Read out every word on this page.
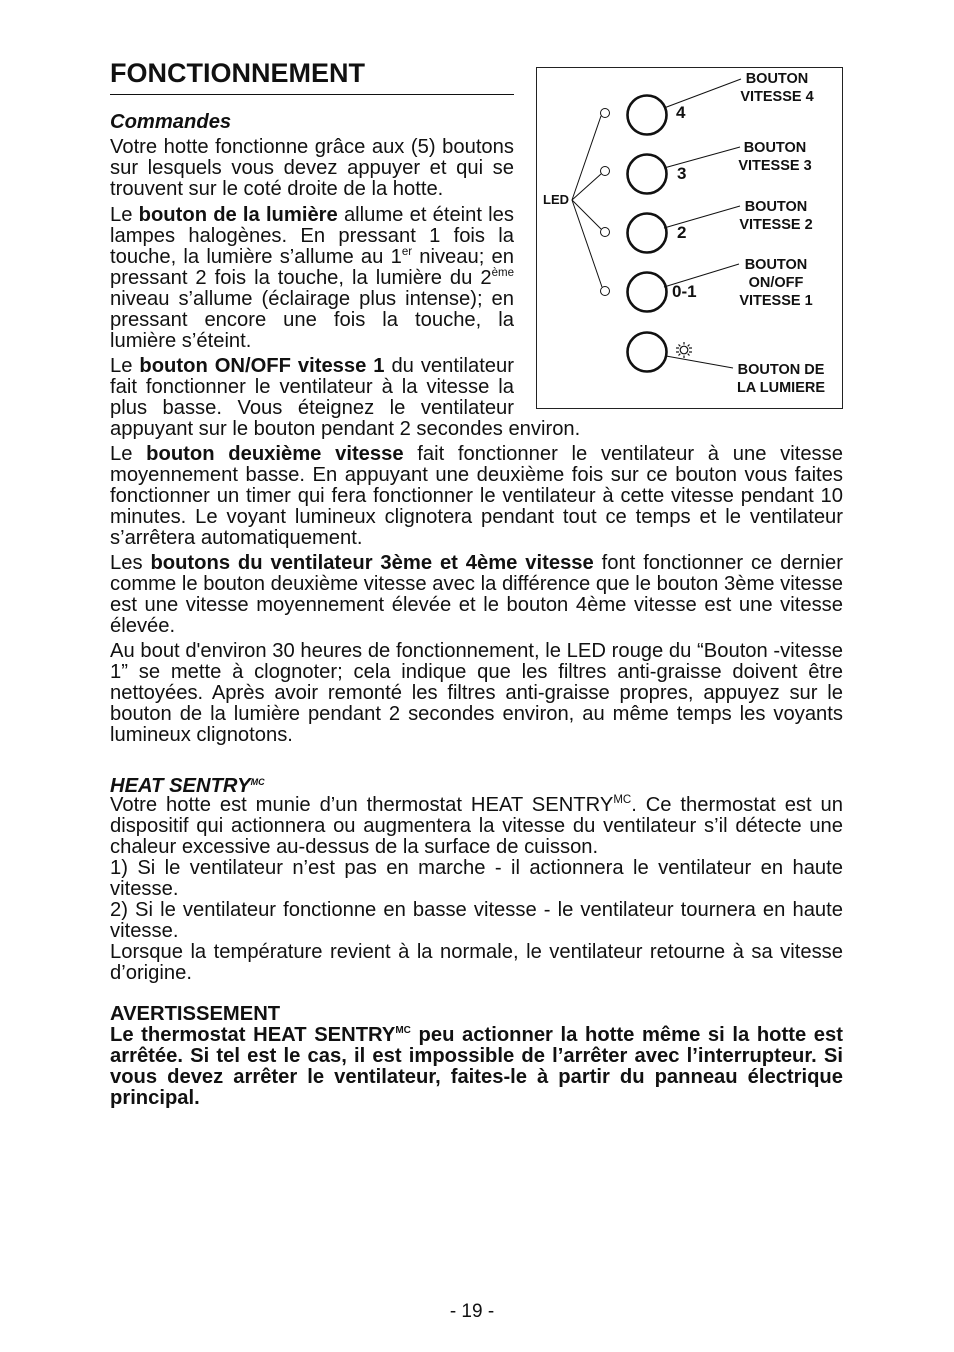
LED
4
3
2
0-1
BOUTON
VITESSE 4
BOUTON
VITESSE 3
BOUTON
VITESSE 2
BOUTON
ON/OFF
VITESSE 1
BOUTON DE
LA LUMIERE
FONCTIONNEMENT
Commandes

Votre hotte fonctionne grâce aux (5) boutons sur lesquels vous devez appuyer et qui se trouvent sur le coté droite de la hotte.

Le bouton de la lumière allume et éteint les lampes halogènes. En pressant 1 fois la touche, la lumière s’allume au 1er niveau; en pressant 2 fois la touche, la lumière du 2ème niveau s’allume (éclairage plus intense); en pressant encore une fois la touche, la lumière s’éteint.

Le bouton ON/OFF vitesse 1 du ventilateur fait fonctionner le ventilateur à la vitesse la plus basse. Vous éteignez le ventilateur appuyant sur le bouton pendant 2 secondes environ.

Le bouton deuxième vitesse fait fonctionner le ventilateur à une vitesse moyennement basse. En appuyant une deuxième fois sur ce bouton vous faites fonctionner un timer qui fera fonctionner le ventilateur à cette vitesse pendant 10 minutes. Le voyant lumineux clignotera pendant tout ce temps et le ventilateur s’arrêtera automatiquement.

Les boutons du ventilateur 3ème et 4ème vitesse font fonctionner ce dernier comme le bouton deuxième vitesse avec la différence que le bouton 3ème vitesse est une vitesse moyennement élevée et le bouton 4ème vitesse est une vitesse élevée.

Au bout d'environ 30 heures de fonctionnement, le LED rouge du “Bouton -vitesse 1” se mette à clognoter; cela indique que les filtres anti-graisse doivent être nettoyées. Après avoir remonté les filtres anti-graisse propres, appuyez sur le bouton de la lumière pendant 2 secondes environ, au même temps les voyants lumineux clignotons.

HEAT $SENTRY^{MC}$

Votre hotte est munie d’un thermostat HEAT $SENTRY^{MC}$. Ce thermostat est un dispositif qui actionnera ou augmentera la vitesse du ventilateur s’il détecte une chaleur excessive au-dessus de la surface de cuisson.

1) Si le ventilateur n’est pas en marche - il actionnera le ventilateur en haute vitesse.

2) Si le ventilateur fonctionne en basse vitesse - le ventilateur tournera en haute vitesse.

Lorsque la température revient à la normale, le ventilateur retourne à sa vitesse d’origine.

AVERTISSEMENT

Le thermostat HEAT $SENTRY^{MC}$ peu actionner la hotte même si la hotte est arrêtée. Si tel est le cas, il est impossible de l’arrêter avec l’interrupteur. Si vous devez arrêter le ventilateur, faites-le à partir du panneau électrique principal.

- 19 -
